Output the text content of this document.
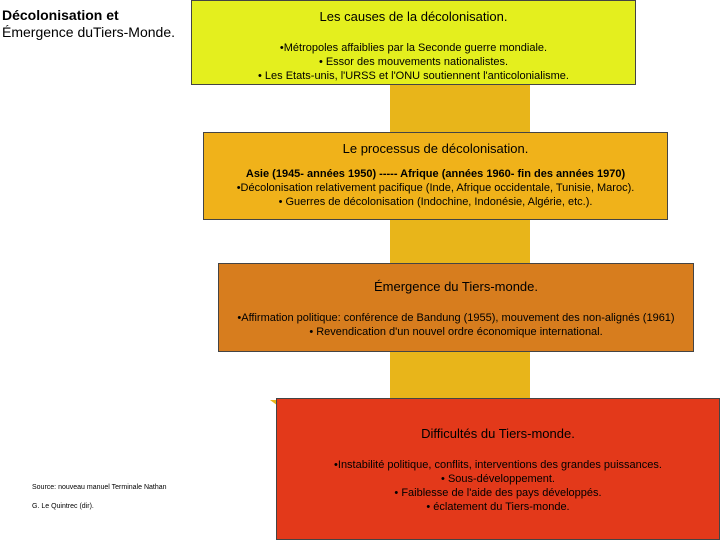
Décolonisation et
Émergence duTiers-Monde.
Les causes de la décolonisation.
•Métropoles affaiblies par la Seconde guerre mondiale.
• Essor des mouvements nationalistes.
• Les Etats-unis, l'URSS et l'ONU soutiennent l'anticolonialisme.
Le processus de décolonisation.
Asie (1945- années 1950) ----- Afrique (années 1960- fin des années 1970)
•Décolonisation relativement pacifique (Inde, Afrique occidentale, Tunisie, Maroc).
• Guerres de décolonisation (Indochine, Indonésie, Algérie, etc.).
Émergence du Tiers-monde.
•Affirmation politique: conférence de Bandung (1955), mouvement des non-alignés (1961)
• Revendication d'un nouvel ordre économique international.
Difficultés du Tiers-monde.
•Instabilité politique, conflits, interventions des grandes puissances.
• Sous-développement.
• Faiblesse de l'aide des pays développés.
• éclatement du Tiers-monde.
Source: nouveau manuel Terminale Nathan
G. Le Quintrec (dir).
